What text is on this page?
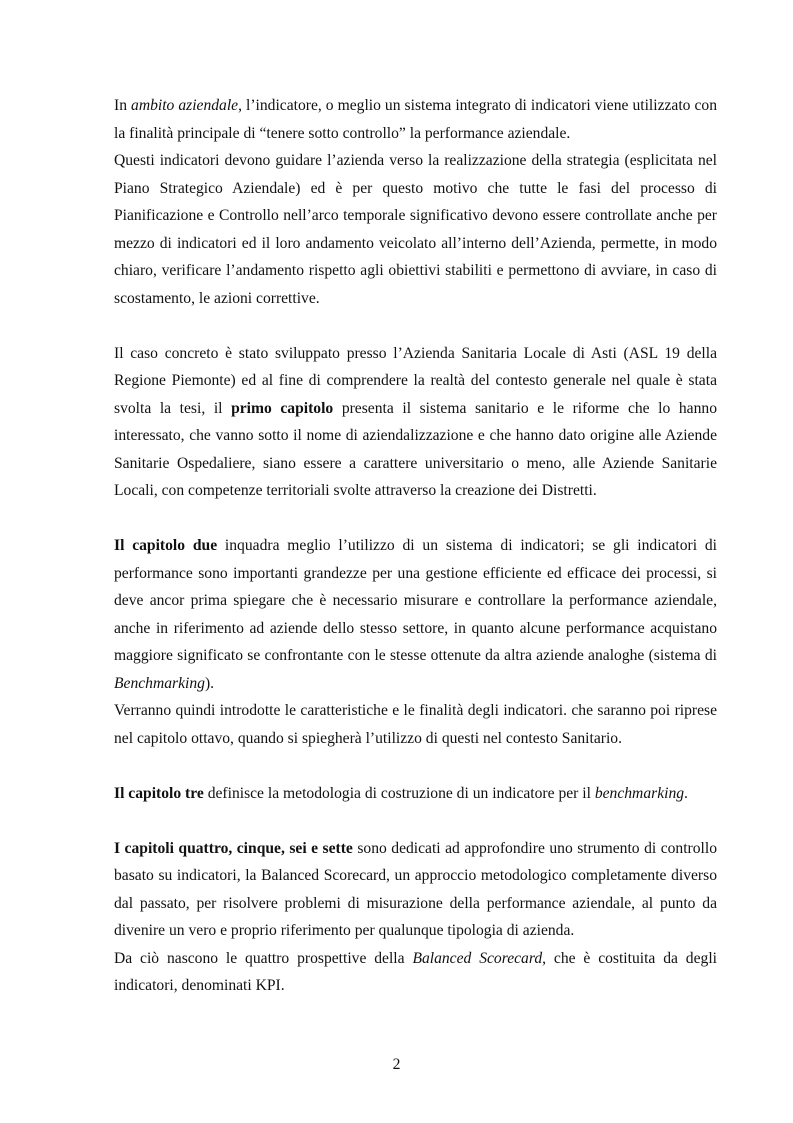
In ambito aziendale, l’indicatore, o meglio un sistema integrato di indicatori viene utilizzato con la finalità principale di “tenere sotto controllo” la performance aziendale.

Questi indicatori devono guidare l’azienda verso la realizzazione della strategia (esplicitata nel Piano Strategico Aziendale) ed è per questo motivo che tutte le fasi del processo di Pianificazione e Controllo nell’arco temporale significativo devono essere controllate anche per mezzo di indicatori ed il loro andamento veicolato all’interno dell’Azienda, permette, in modo chiaro, verificare l’andamento rispetto agli obiettivi stabiliti e permettono di avviare, in caso di scostamento, le azioni correttive.

Il caso concreto è stato sviluppato presso l’Azienda Sanitaria Locale di Asti (ASL 19 della Regione Piemonte) ed al fine di comprendere la realtà del contesto generale nel quale è stata svolta la tesi, il primo capitolo presenta il sistema sanitario e le riforme che lo hanno interessato, che vanno sotto il nome di aziendalizzazione e che hanno dato origine alle Aziende Sanitarie Ospedaliere, siano essere a carattere universitario o meno, alle Aziende Sanitarie Locali, con competenze territoriali svolte attraverso la creazione dei Distretti.

Il capitolo due inquadra meglio l’utilizzo di un sistema di indicatori; se gli indicatori di performance sono importanti grandezze per una gestione efficiente ed efficace dei processi, si deve ancor prima spiegare che è necessario misurare e controllare la performance aziendale, anche in riferimento ad aziende dello stesso settore, in quanto alcune performance acquistano maggiore significato se confrontante con le stesse ottenute da altra aziende analoghe (sistema di Benchmarking).

Verranno quindi introdotte le caratteristiche e le finalità degli indicatori. che saranno poi riprese nel capitolo ottavo, quando si spiegherà l’utilizzo di questi nel contesto Sanitario.

Il capitolo tre definisce la metodologia di costruzione di un indicatore per il benchmarking.

I capitoli quattro, cinque, sei e sette sono dedicati ad approfondire uno strumento di controllo basato su indicatori, la Balanced Scorecard, un approccio metodologico completamente diverso dal passato, per risolvere problemi di misurazione della performance aziendale, al punto da divenire un vero e proprio riferimento per qualunque tipologia di azienda.

Da ciò nascono le quattro prospettive della Balanced Scorecard, che è costituita da degli indicatori, denominati KPI.

2
